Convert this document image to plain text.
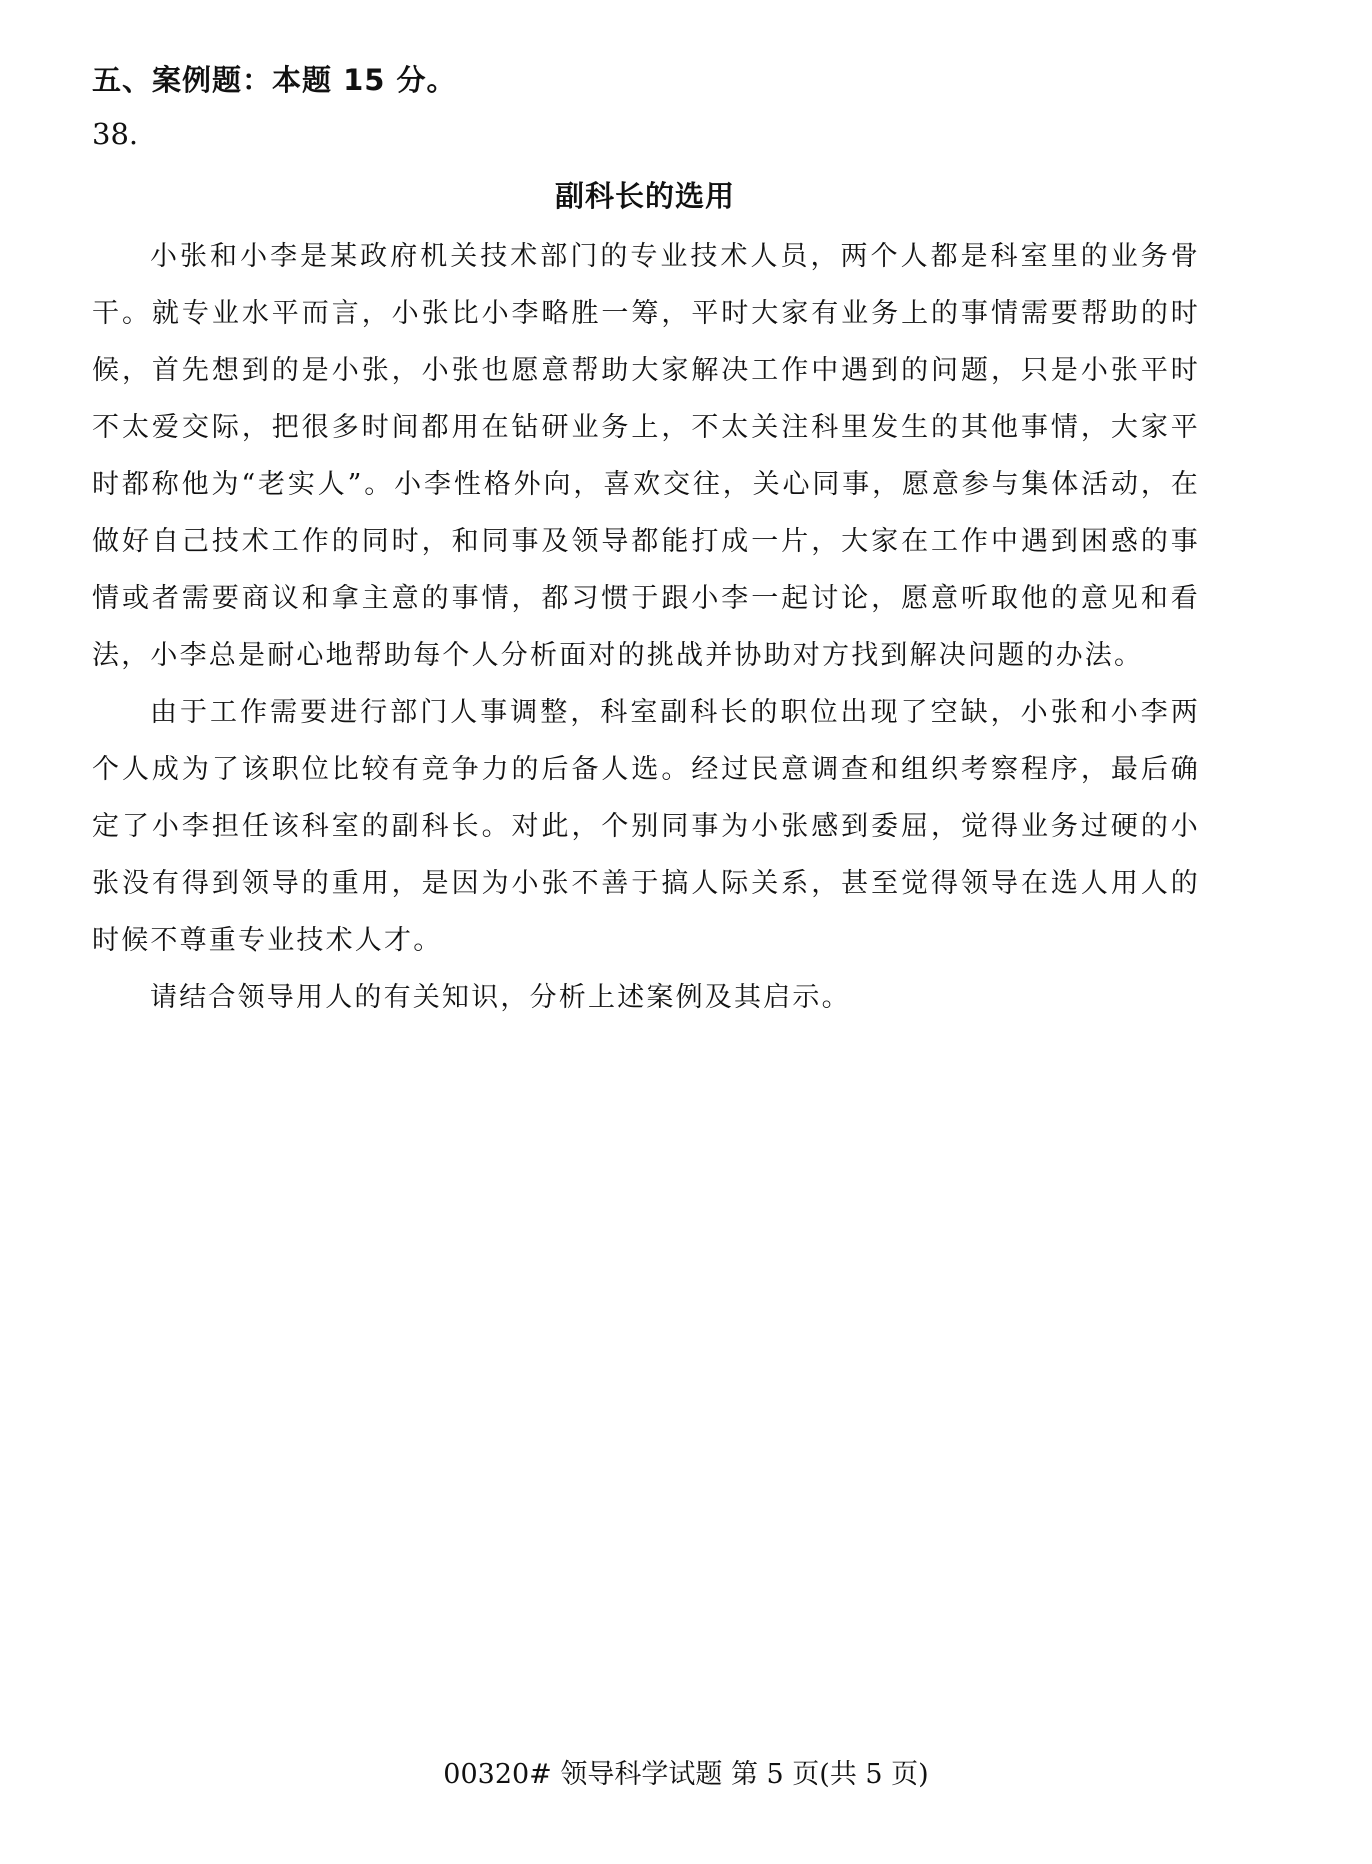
五、案例题：本题 15 分。
38.
副科长的选用

小张和小李是某政府机关技术部门的专业技术人员，两个人都是科室里的业务骨干。就专业水平而言，小张比小李略胜一筹，平时大家有业务上的事情需要帮助的时候，首先想到的是小张，小张也愿意帮助大家解决工作中遇到的问题，只是小张平时不太爱交际，把很多时间都用在钻研业务上，不太关注科里发生的其他事情，大家平时都称他为“老实人”。小李性格外向，喜欢交往，关心同事，愿意参与集体活动，在做好自己技术工作的同时，和同事及领导都能打成一片，大家在工作中遇到困惑的事情或者需要商议和拿主意的事情，都习惯于跟小李一起讨论，愿意听取他的意见和看法，小李总是耐心地帮助每个人分析面对的挑战并协助对方找到解决问题的办法。

由于工作需要进行部门人事调整，科室副科长的职位出现了空缺，小张和小李两个人成为了该职位比较有竞争力的后备人选。经过民意调查和组织考察程序，最后确定了小李担任该科室的副科长。对此，个别同事为小张感到委屈，觉得业务过硬的小张没有得到领导的重用，是因为小张不善于搞人际关系，甚至觉得领导在选人用人的时候不尊重专业技术人才。

请结合领导用人的有关知识，分析上述案例及其启示。

00320# 领导科学试题 第 5 页(共 5 页)
